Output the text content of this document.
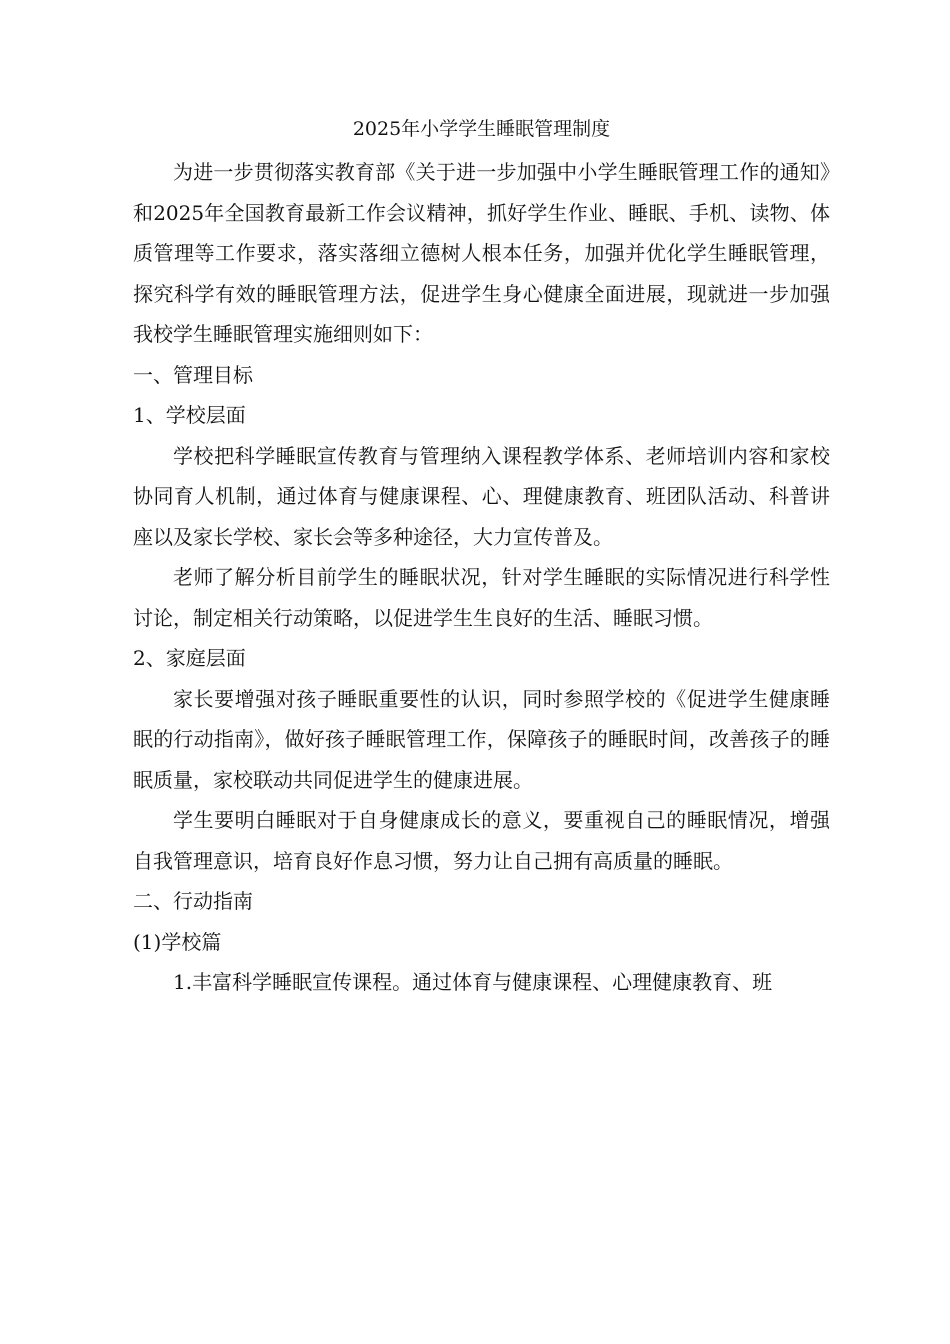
2025年小学学生睡眠管理制度

为进一步贯彻落实教育部《关于进一步加强中小学生睡眠管理工作的通知》和2025年全国教育最新工作会议精神，抓好学生作业、睡眠、手机、读物、体质管理等工作要求，落实落细立德树人根本任务，加强并优化学生睡眠管理，探究科学有效的睡眠管理方法，促进学生身心健康全面进展，现就进一步加强我校学生睡眠管理实施细则如下：

一、管理目标

1、学校层面

学校把科学睡眠宣传教育与管理纳入课程教学体系、老师培训内容和家校协同育人机制，通过体育与健康课程、心、理健康教育、班团队活动、科普讲座以及家长学校、家长会等多种途径，大力宣传普及。

老师了解分析目前学生的睡眠状况，针对学生睡眠的实际情况进行科学性讨论，制定相关行动策略，以促进学生生良好的生活、睡眠习惯。

2、家庭层面

家长要增强对孩子睡眠重要性的认识，同时参照学校的《促进学生健康睡眠的行动指南》，做好孩子睡眠管理工作，保障孩子的睡眠时间，改善孩子的睡眠质量，家校联动共同促进学生的健康进展。

学生要明白睡眠对于自身健康成长的意义，要重视自己的睡眠情况，增强自我管理意识，培育良好作息习惯，努力让自己拥有高质量的睡眠。

二、行动指南

(1)学校篇

1.丰富科学睡眠宣传课程。通过体育与健康课程、心理健康教育、班
